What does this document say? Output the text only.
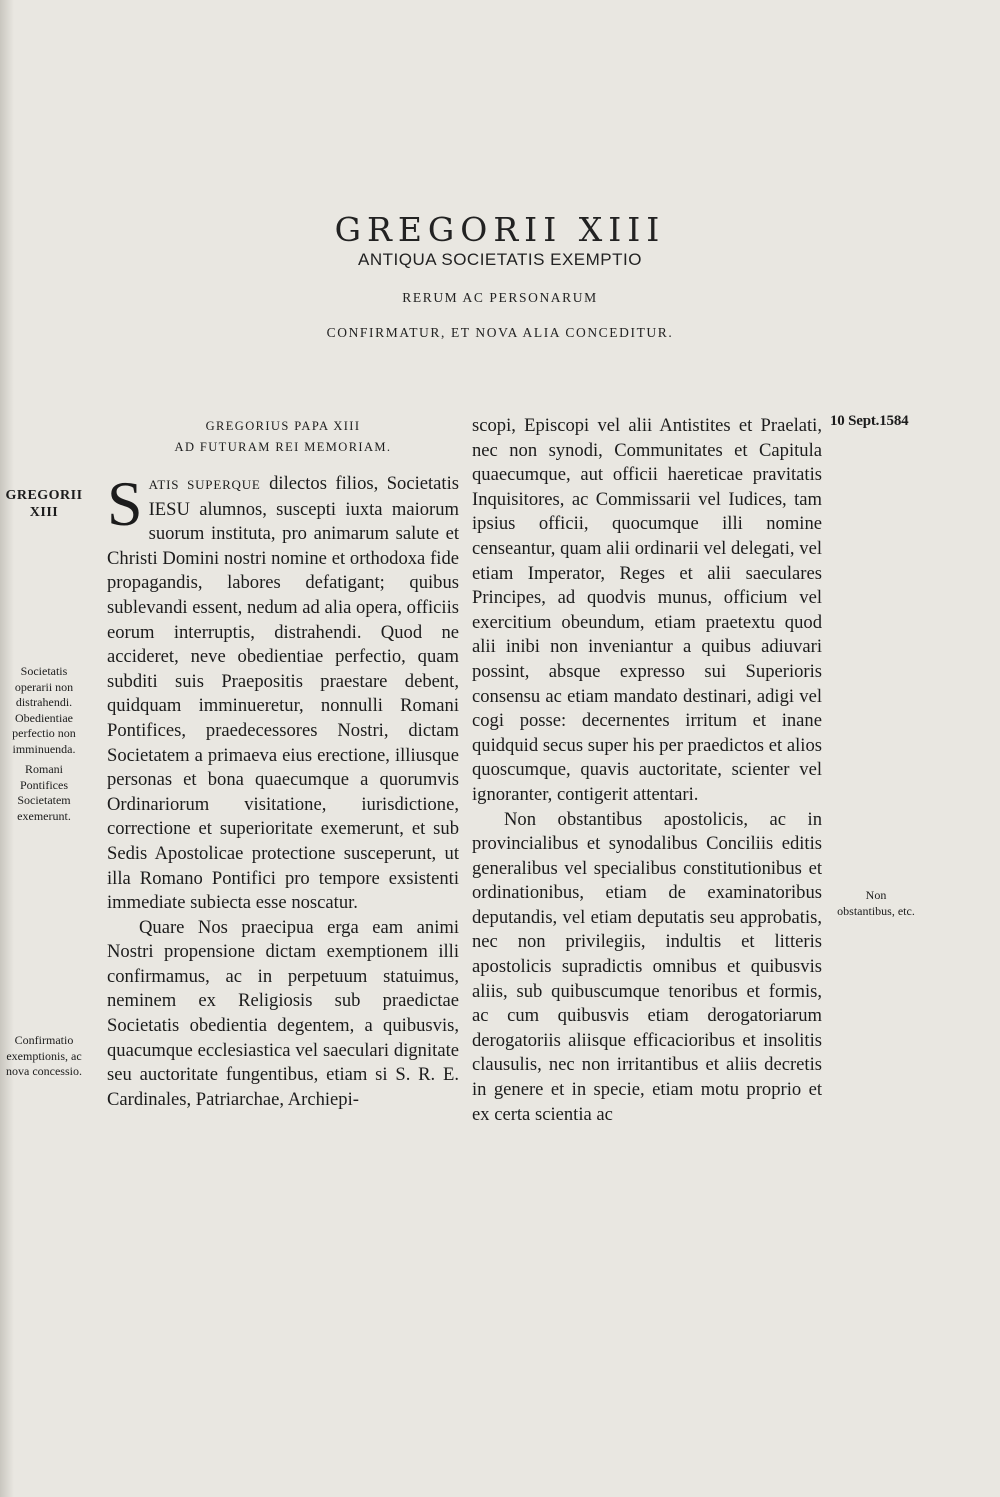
GREGORII XIII
ANTIQUA SOCIETATIS EXEMPTIO
RERUM AC PERSONARUM
CONFIRMATUR, ET NOVA ALIA CONCEDITUR.
GREGORII XIII
Societatis operarii non distrahendi. Obedientiae perfectio non imminuenda.
Romani Pontifices Societatem exemerunt.
Confirmatio exemptionis, ac nova concessio.
10 Sept.1584
Non obstantibus, etc.
GREGORIUS PAPA XIII
AD FUTURAM REI MEMORIAM.

SATIS SUPERQUE dilectos filios, Societatis IESU alumnos, suscepti iuxta maiorum suorum instituta, pro animarum salute et Christi Domini nostri nomine et orthodoxa fide propagandis, labores defatigant; quibus sublevandi essent, nedum ad alia opera, officiis eorum interruptis, distrahendi. Quod ne accideret, neve obedientiae perfectio, quam subditi suis Praepositis praestare debent, quidquam imminueretur, nonnulli Romani Pontifices, praedecessores Nostri, dictam Societatem a primaeva eius erectione, illiusque personas et bona quaecumque a quorumvis Ordinariorum visitatione, iurisdictione, correctione et superioritate exemerunt, et sub Sedis Apostolicae protectione susceperunt, ut illa Romano Pontifici pro tempore exsistenti immediate subiecta esse noscatur.

Quare Nos praecipua erga eam animi Nostri propensione dictam exemptionem illi confirmamus, ac in perpetuum statuimus, neminem ex Religiosis sub praedictae Societatis obedientia degentem, a quibusvis, quacumque ecclesiastica vel saeculari dignitate seu auctoritate fungentibus, etiam si S. R. E. Cardinales, Patriarchae, Archiepi-

scopi, Episcopi vel alii Antistites et Praelati, nec non synodi, Communitates et Capitula quaecumque, aut officii haereticae pravitatis Inquisitores, ac Commissarii vel Iudices, tam ipsius officii, quocumque illi nomine censeantur, quam alii ordinarii vel delegati, vel etiam Imperator, Reges et alii saeculares Principes, ad quodvis munus, officium vel exercitium obeundum, etiam praetextu quod alii inibi non inveniantur a quibus adiuvari possint, absque expresso sui Superioris consensu ac etiam mandato destinari, adigi vel cogi posse: decernentes irritum et inane quidquid secus super his per praedictos et alios quoscumque, quavis auctoritate, scienter vel ignoranter, contigerit attentari.

Non obstantibus apostolicis, ac in provincialibus et synodalibus Conciliis editis generalibus vel specialibus constitutionibus et ordinationibus, etiam de examinatoribus deputandis, vel etiam deputatis seu approbatis, nec non privilegiis, indultis et litteris apostolicis supradictis omnibus et quibusvis aliis, sub quibuscumque tenoribus et formis, ac cum quibusvis etiam derogatoriarum derogatoriis aliisque efficacioribus et insolitis clausulis, nec non irritantibus et aliis decretis in genere et in specie, etiam motu proprio et ex certa scientia ac
